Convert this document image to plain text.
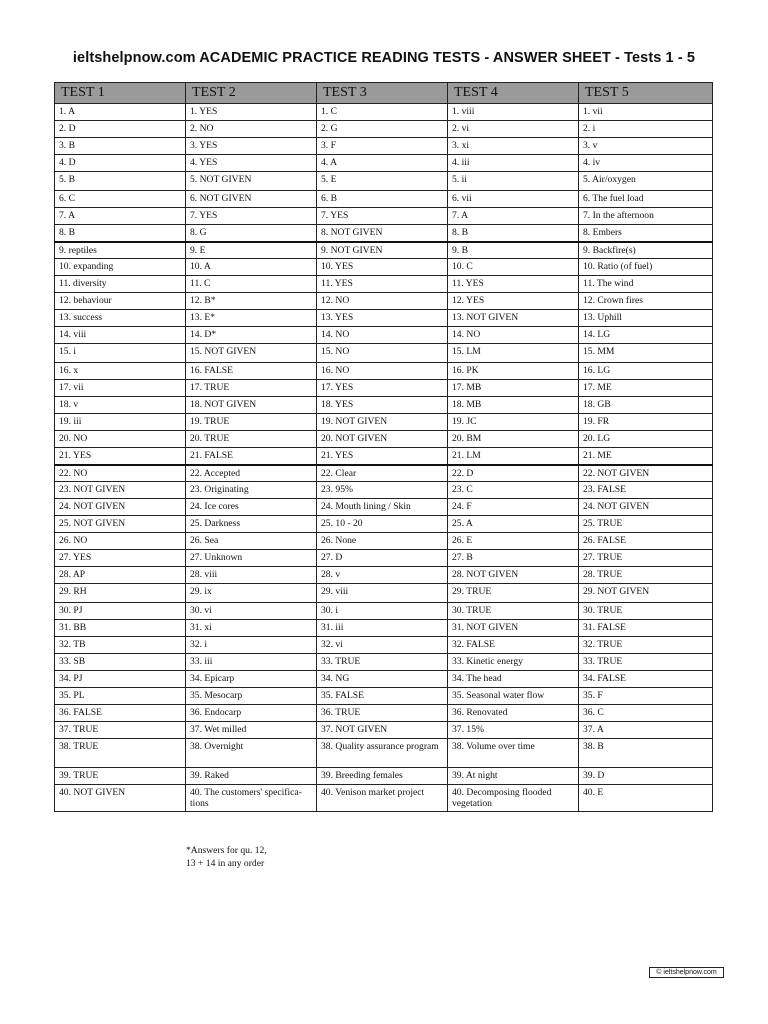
ieltshelpnow.com ACADEMIC PRACTICE READING TESTS - ANSWER SHEET - Tests 1 - 5
TEST 1	TEST 2	TEST 3	TEST 4	TEST 5
1. A	1. YES	1. C	1. viii	1. vii
2. D	2. NO	2. G	2. vi	2. i
3. B	3. YES	3. F	3. xi	3. v
4. D	4. YES	4. A	4. iii	4. iv
5. B	5. NOT GIVEN	5. E	5. ii	5. Air/oxygen
6. C	6. NOT GIVEN	6. B	6. vii	6. The fuel load
7. A	7. YES	7. YES	7. A	7. In the afternoon
8. B	8. G	8. NOT GIVEN	8. B	8. Embers
9. reptiles	9. E	9. NOT GIVEN	9. B	9. Backfire(s)
10. expanding	10. A	10. YES	10. C	10. Ratio (of fuel)
11. diversity	11. C	11. YES	11. YES	11. The wind
12. behaviour	12. B*	12. NO	12. YES	12. Crown fires
13. success	13. E*	13. YES	13. NOT GIVEN	13. Uphill
14. viii	14. D*	14. NO	14. NO	14. LG
15. i	15. NOT GIVEN	15. NO	15. LM	15. MM
16. x	16. FALSE	16. NO	16. PK	16. LG
17. vii	17. TRUE	17. YES	17. MB	17. ME
18. v	18. NOT GIVEN	18. YES	18. MB	18. GB
19. iii	19. TRUE	19. NOT GIVEN	19. JC	19. FR
20. NO	20. TRUE	20. NOT GIVEN	20. BM	20. LG
21. YES	21. FALSE	21. YES	21. LM	21. ME
22. NO	22. Accepted	22. Clear	22. D	22. NOT GIVEN
23. NOT GIVEN	23. Originating	23. 95%	23. C	23. FALSE
24. NOT GIVEN	24. Ice cores	24. Mouth lining / Skin	24. F	24. NOT GIVEN
25. NOT GIVEN	25. Darkness	25. 10 - 20	25. A	25. TRUE
26. NO	26. Sea	26. None	26. E	26. FALSE
27. YES	27. Unknown	27. D	27. B	27. TRUE
28. AP	28. viii	28. v	28. NOT GIVEN	28. TRUE
29. RH	29. ix	29. viii	29. TRUE	29. NOT GIVEN
30. PJ	30. vi	30. i	30. TRUE	30. TRUE
31. BB	31. xi	31. iii	31. NOT GIVEN	31. FALSE
32. TB	32. i	32. vi	32. FALSE	32. TRUE
33. SB	33. iii	33. TRUE	33. Kinetic energy	33. TRUE
34. PJ	34. Epicarp	34. NG	34. The head	34. FALSE
35. PL	35. Mesocarp	35. FALSE	35. Seasonal water flow	35. F
36. FALSE	36. Endocarp	36. TRUE	36. Renovated	36. C
37. TRUE	37. Wet milled	37. NOT GIVEN	37. 15%	37. A
38. TRUE	38. Overnight	38. Quality assurance program	38. Volume over time	38. B
39. TRUE	39. Raked	39. Breeding females	39. At night	39. D
40. NOT GIVEN	40. The customers' specifica-tions	40. Venison market project	40. Decomposing flooded vegetation	40. E
*Answers for qu. 12,
13 + 14 in any order
© ieltshelpnow.com
